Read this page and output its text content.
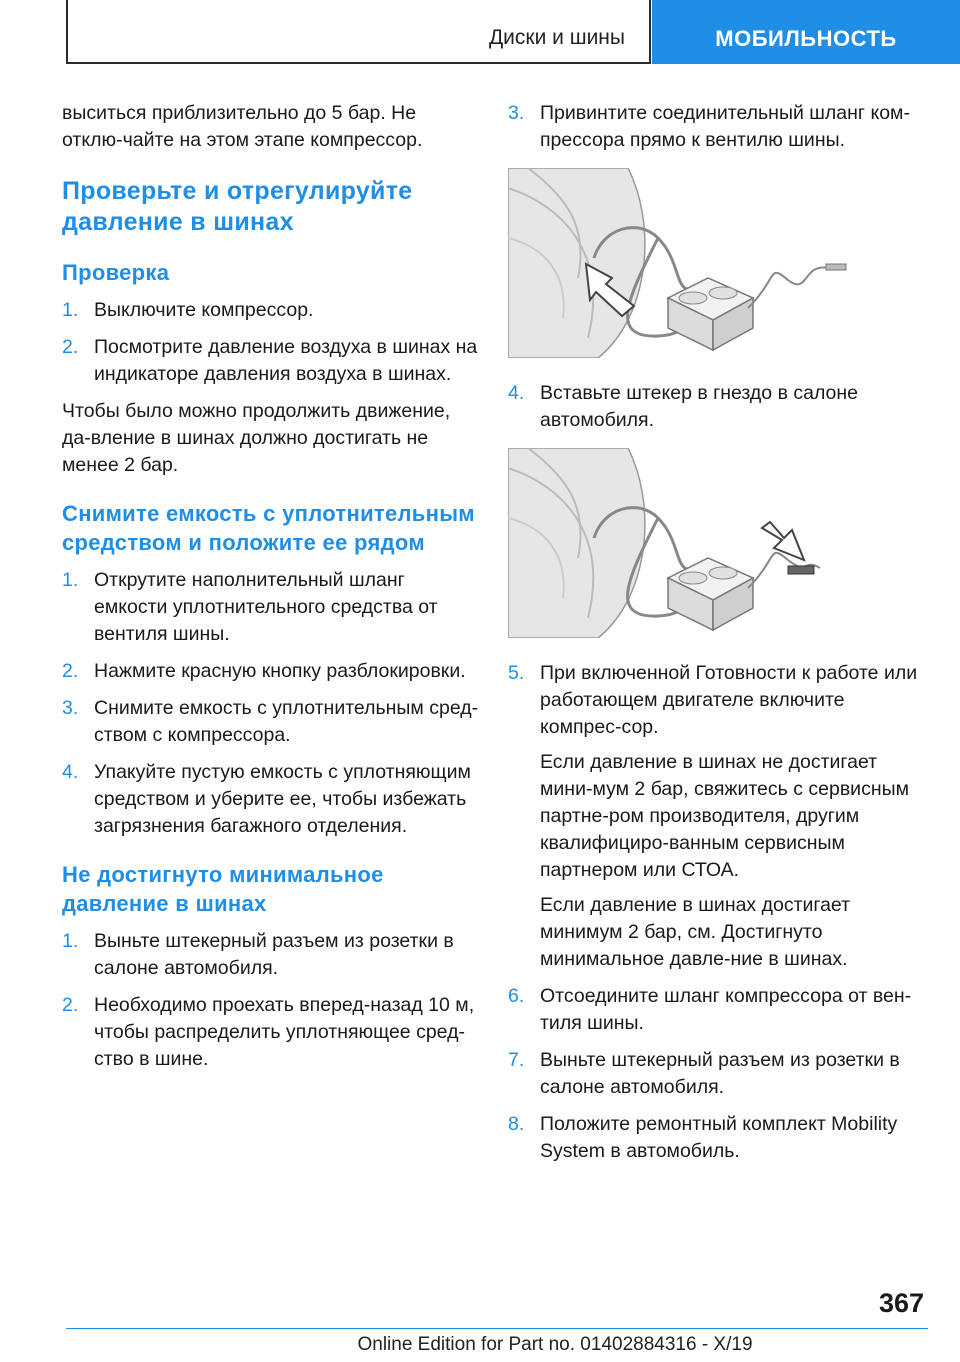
Диски и шины	МОБИЛЬНОСТЬ

выситься приблизительно до 5 бар. Не отклю-чайте на этом этапе компрессор.

Проверьте и отрегулируйте давление в шинах
Проверка
1. Выключите компрессор.
2. Посмотрите давление воздуха в шинах на индикаторе давления воздуха в шинах.

Чтобы было можно продолжить движение, да-вление в шинах должно достигать не менее 2 бар.

Снимите емкость с уплотнительным средством и положите ее рядом
1. Открутите наполнительный шланг емкости уплотнительного средства от вентиля шины.
2. Нажмите красную кнопку разблокировки.
3. Снимите емкость с уплотнительным сред-ством с компрессора.
4. Упакуйте пустую емкость с уплотняющим средством и уберите ее, чтобы избежать загрязнения багажного отделения.
Не достигнуто минимальное давление в шинах
1. Выньте штекерный разъем из розетки в салоне автомобиля.
2. Необходимо проехать вперед-назад 10 м, чтобы распределить уплотняющее сред-ство в шине.
3. Привинтите соединительный шланг ком-прессора прямо к вентилю шины.
4. Вставьте штекер в гнездо в салоне автомобиля.
5. При включенной Готовности к работе или работающем двигателе включите компрес-сор.
Если давление в шинах не достигает мини-мум 2 бар, свяжитесь с сервисным партне-ром производителя, другим квалифициро-ванным сервисным партнером или СТОА.
Если давление в шинах достигает минимум 2 бар, см. Достигнуто минимальное давле-ние в шинах.
6. Отсоедините шланг компрессора от вен-тиля шины.
7. Выньте штекерный разъем из розетки в салоне автомобиля.
8. Положите ремонтный комплект Mobility System в автомобиль.
367
Online Edition for Part no. 01402884316 - X/19
